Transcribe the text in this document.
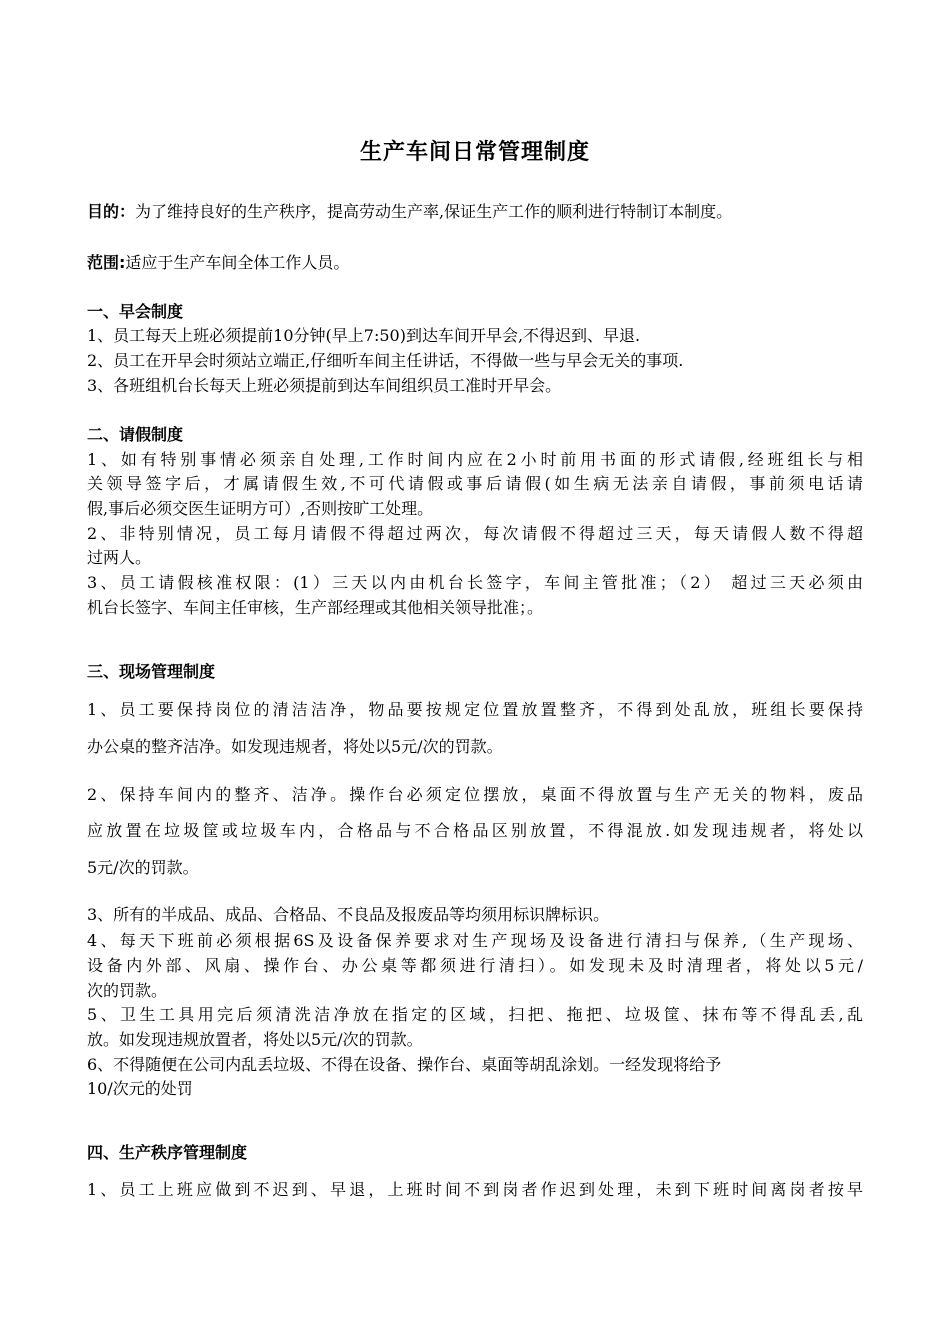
生产车间日常管理制度
目的：为了维持良好的生产秩序，提高劳动生产率,保证生产工作的顺利进行特制订本制度。
范围:适应于生产车间全体工作人员。
一、早会制度
1、员工每天上班必须提前10分钟(早上7:50)到达车间开早会,不得迟到、早退.
2、员工在开早会时须站立端正,仔细听车间主任讲话，不得做一些与早会无关的事项.
3、各班组机台长每天上班必须提前到达车间组织员工准时开早会。
二、请假制度
1、如有特别事情必须亲自处理,工作时间内应在2小时前用书面的形式请假,经班组长与相
关领导签字后，才属请假生效,不可代请假或事后请假(如生病无法亲自请假，事前须电话请
假,事后必须交医生证明方可）,否则按旷工处理。
2、非特别情况，员工每月请假不得超过两次，每次请假不得超过三天，每天请假人数不得超
过两人。
3、员工请假核准权限：(1）三天以内由机台长签字，车间主管批准；（2） 超过三天必须由
机台长签字、车间主任审核，生产部经理或其他相关领导批准；。
三、现场管理制度
1、员工要保持岗位的清洁洁净，物品要按规定位置放置整齐，不得到处乱放，班组长要保持
办公桌的整齐洁净。如发现违规者，将处以5元/次的罚款。
2、保持车间内的整齐、洁净。操作台必须定位摆放，桌面不得放置与生产无关的物料，废品
应放置在垃圾筐或垃圾车内，合格品与不合格品区别放置，不得混放.如发现违规者，将处以
5元/次的罚款。
3、所有的半成品、成品、合格品、不良品及报废品等均须用标识牌标识。
4、每天下班前必须根据6S及设备保养要求对生产现场及设备进行清扫与保养,（生产现场、
设备内外部、风扇、操作台、办公桌等都须进行清扫）。如发现未及时清理者，将处以5元/
次的罚款。
5、卫生工具用完后须清洗洁净放在指定的区域，扫把、拖把、垃圾筐、抹布等不得乱丢,乱
放。如发现违规放置者，将处以5元/次的罚款。
6、不得随便在公司内乱丢垃圾、不得在设备、操作台、桌面等胡乱涂划。一经发现将给予
10/次元的处罚
四、生产秩序管理制度
1、员工上班应做到不迟到、早退，上班时间不到岗者作迟到处理，未到下班时间离岗者按早
